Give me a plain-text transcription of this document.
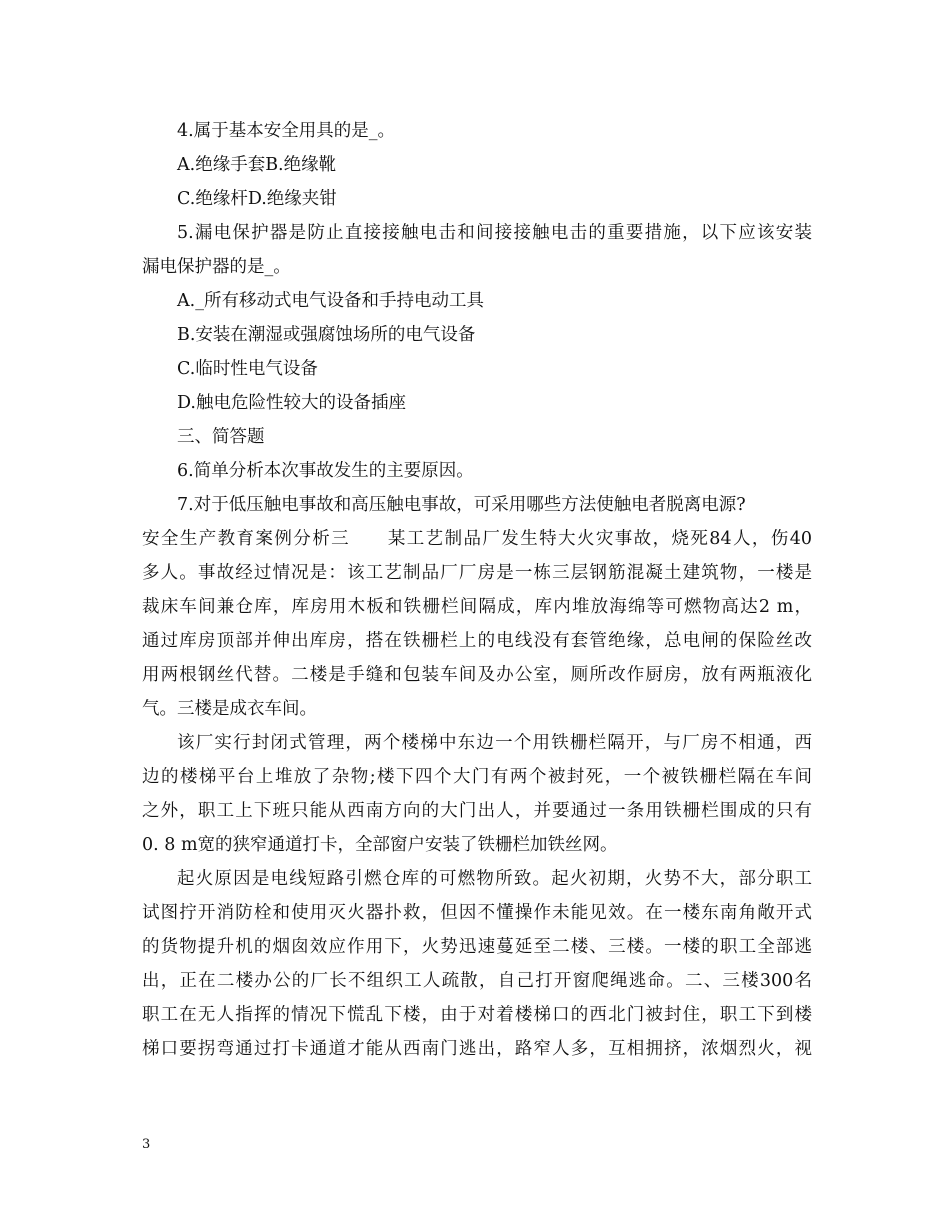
4.属于基本安全用具的是_。
A.绝缘手套B.绝缘靴
C.绝缘杆D.绝缘夹钳
5.漏电保护器是防止直接接触电击和间接接触电击的重要措施，以下应该安装
漏电保护器的是_。
A._所有移动式电气设备和手持电动工具
B.安装在潮湿或强腐蚀场所的电气设备
C.临时性电气设备
D.触电危险性较大的设备插座
三、简答题
6.简单分析本次事故发生的主要原因。
7.对于低压触电事故和高压触电事故，可采用哪些方法使触电者脱离电源?
安全生产教育案例分析三　　某工艺制品厂发生特大火灾事故，烧死84人，伤40
多人。事故经过情况是：该工艺制品厂厂房是一栋三层钢筋混凝土建筑物，一楼是
裁床车间兼仓库，库房用木板和铁栅栏间隔成，库内堆放海绵等可燃物高达2 m，
通过库房顶部并伸出库房，搭在铁栅栏上的电线没有套管绝缘，总电闸的保险丝改
用两根钢丝代替。二楼是手缝和包装车间及办公室，厕所改作厨房，放有两瓶液化
气。三楼是成衣车间。
该厂实行封闭式管理，两个楼梯中东边一个用铁栅栏隔开，与厂房不相通，西
边的楼梯平台上堆放了杂物;楼下四个大门有两个被封死，一个被铁栅栏隔在车间
之外，职工上下班只能从西南方向的大门出人，并要通过一条用铁栅栏围成的只有
0. 8 m宽的狭窄通道打卡，全部窗户安装了铁栅栏加铁丝网。
起火原因是电线短路引燃仓库的可燃物所致。起火初期，火势不大，部分职工
试图拧开消防栓和使用灭火器扑救，但因不懂操作未能见效。在一楼东南角敞开式
的货物提升机的烟囱效应作用下，火势迅速蔓延至二楼、三楼。一楼的职工全部逃
出，正在二楼办公的厂长不组织工人疏散，自己打开窗爬绳逃命。二、三楼300名
职工在无人指挥的情况下慌乱下楼，由于对着楼梯口的西北门被封住，职工下到楼
梯口要拐弯通过打卡通道才能从西南门逃出，路窄人多，互相拥挤，浓烟烈火，视
3
